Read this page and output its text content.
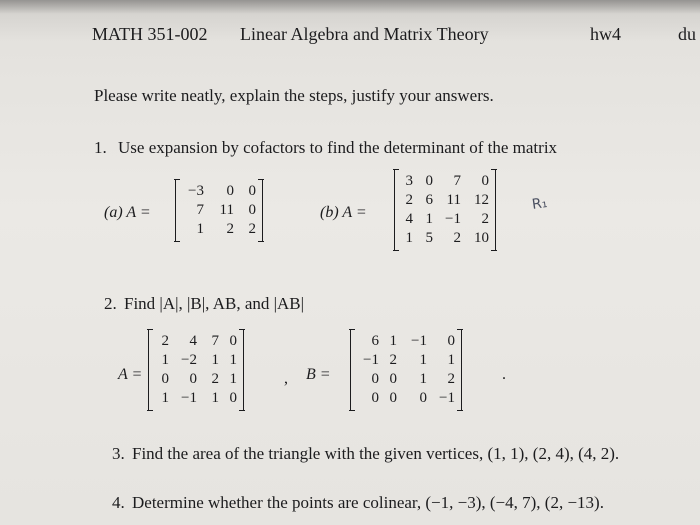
MATH 351-002 Linear Algebra and Matrix Theory	hw4	du
Please write neatly, explain the steps, justify your answers.
1. Use expansion by cofactors to find the determinant of the matrix
(a) A =
−3	0 0
7	11 0
1	2 2
(b) A =
3 0	7	0
2 6 11 12
4 1 −1	2
1 5	2 10
R₁
2. Find |A|, |B|, AB, and |AB|
A =
2	4 7 0
1 −2 1 1
0	0 2 1
1 −1 1 0
, B =
6 1 −1	0
−1 2	1	1
0 0	1	2
0 0	0 −1
.
3. Find the area of the triangle with the given vertices, (1, 1), (2, 4), (4, 2).
4. Determine whether the points are colinear, (−1, −3), (−4, 7), (2, −13).
